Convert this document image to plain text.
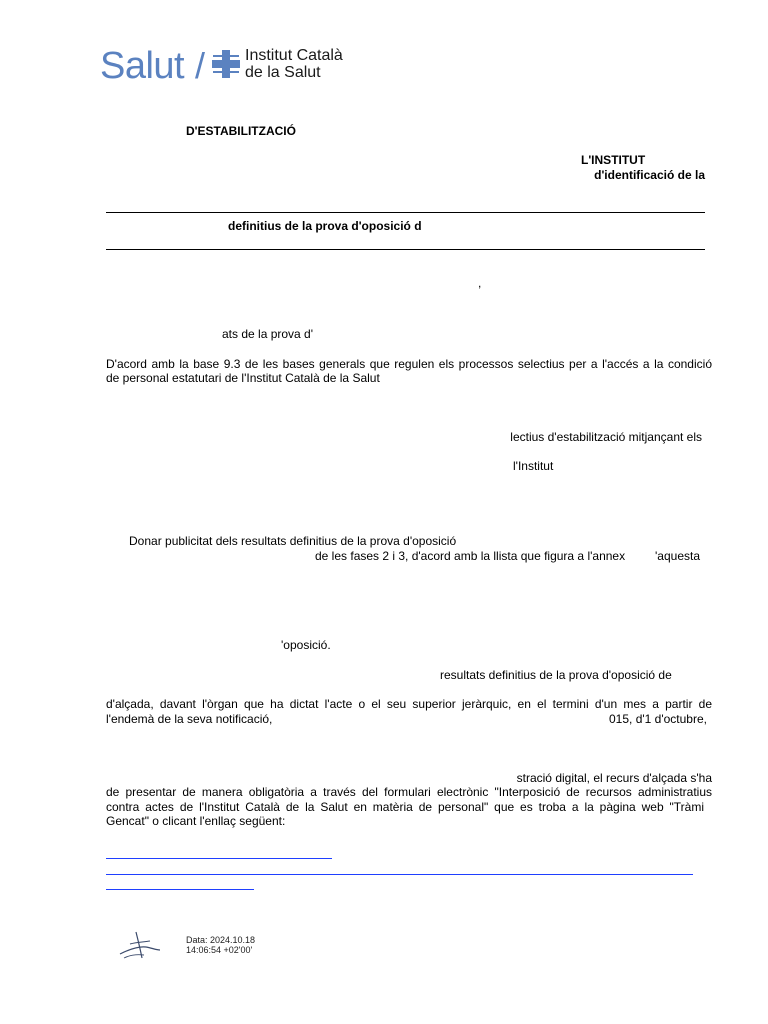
Salut / Institut Català
de la Salut
D'ESTABILITZACIÓ
L'INSTITUT
d'identificació de la
definitius de la prova d'oposició d
,
ats de la prova d'
D'acord amb la base 9.3 de les bases generals que regulen els processos selectius per a l'accés a la condició
de personal estatutari de l'Institut Català de la Salut
lectius d'estabilització mitjançant els
l'Institut
Donar publicitat dels resultats definitius de la prova d'oposició
de les fases 2 i 3, d'acord amb la llista que figura a l'annex 'aquesta
'oposició.
resultats definitius de la prova d'oposició de
d'alçada, davant l'òrgan que ha dictat l'acte o el seu superior jeràrquic, en el termini d'un mes a partir de
l'endemà de la seva notificació,	015, d'1 d'octubre,
stració digital, el recurs d'alçada s'ha
de presentar de manera obligatòria a través del formulari electrònic "Interposició de recursos administratius
contra actes de l'Institut Català de la Salut en matèria de personal" que es troba a la pàgina web "Tràmi
Gencat" o clicant l'enllaç següent:
Data: 2024.10.18
14:06:54 +02'00'
